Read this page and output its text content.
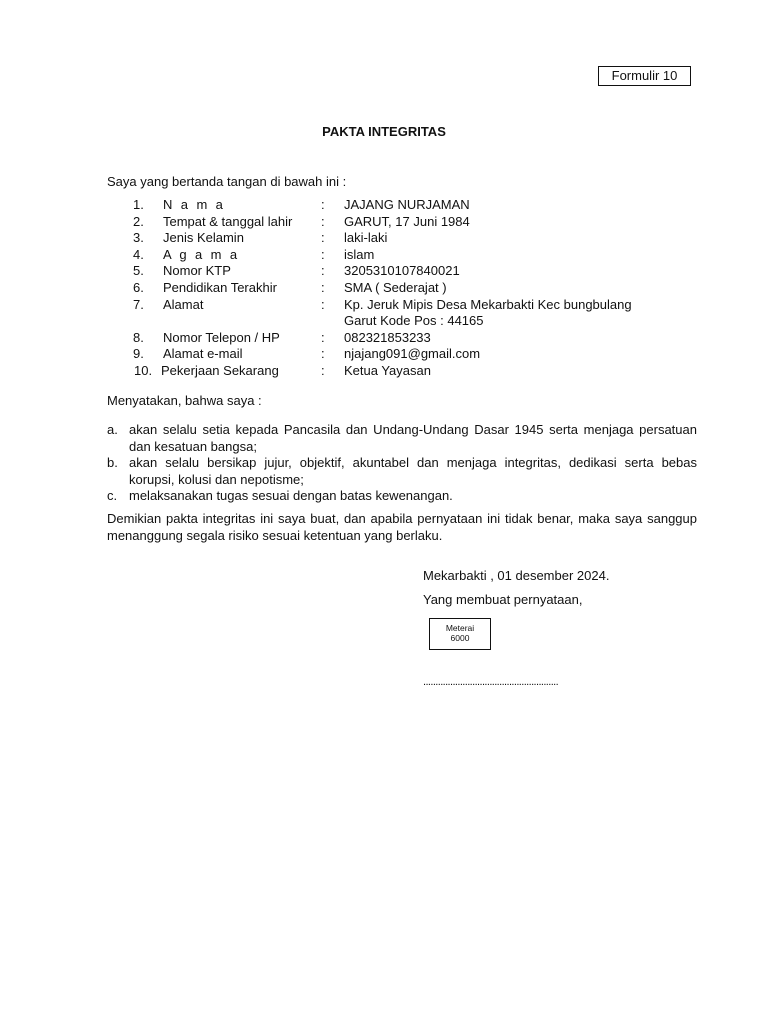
Formulir 10
PAKTA INTEGRITAS
Saya yang bertanda tangan di bawah ini :
1. N a m a	: JAJANG NURJAMAN
2. Tempat & tanggal lahir : GARUT, 17 Juni 1984
3. Jenis Kelamin	: laki-laki
4. A g a m a	: islam
5. Nomor KTP	: 3205310107840021
6. Pendidikan Terakhir	: SMA ( Sederajat )
7. Alamat	: Kp. Jeruk Mipis Desa Mekarbakti Kec bungbulang
Garut Kode Pos : 44165
8. Nomor Telepon / HP	: 082321853233
9. Alamat e-mail	: njajang091@gmail.com
10. Pekerjaan Sekarang	: Ketua Yayasan
Menyatakan, bahwa saya :
a. akan selalu setia kepada Pancasila dan Undang-Undang Dasar 1945 serta menjaga persatuan dan kesatuan bangsa;
b. akan selalu bersikap jujur, objektif, akuntabel dan menjaga integritas, dedikasi serta bebas korupsi, kolusi dan nepotisme;
c. melaksanakan tugas sesuai dengan batas kewenangan.
Demikian pakta integritas ini saya buat, dan apabila pernyataan ini tidak benar, maka saya sanggup menanggung segala risiko sesuai ketentuan yang berlaku.
Mekarbakti , 01 desember 2024.
Yang membuat pernyataan,
Meterai
6000
.......................................................
